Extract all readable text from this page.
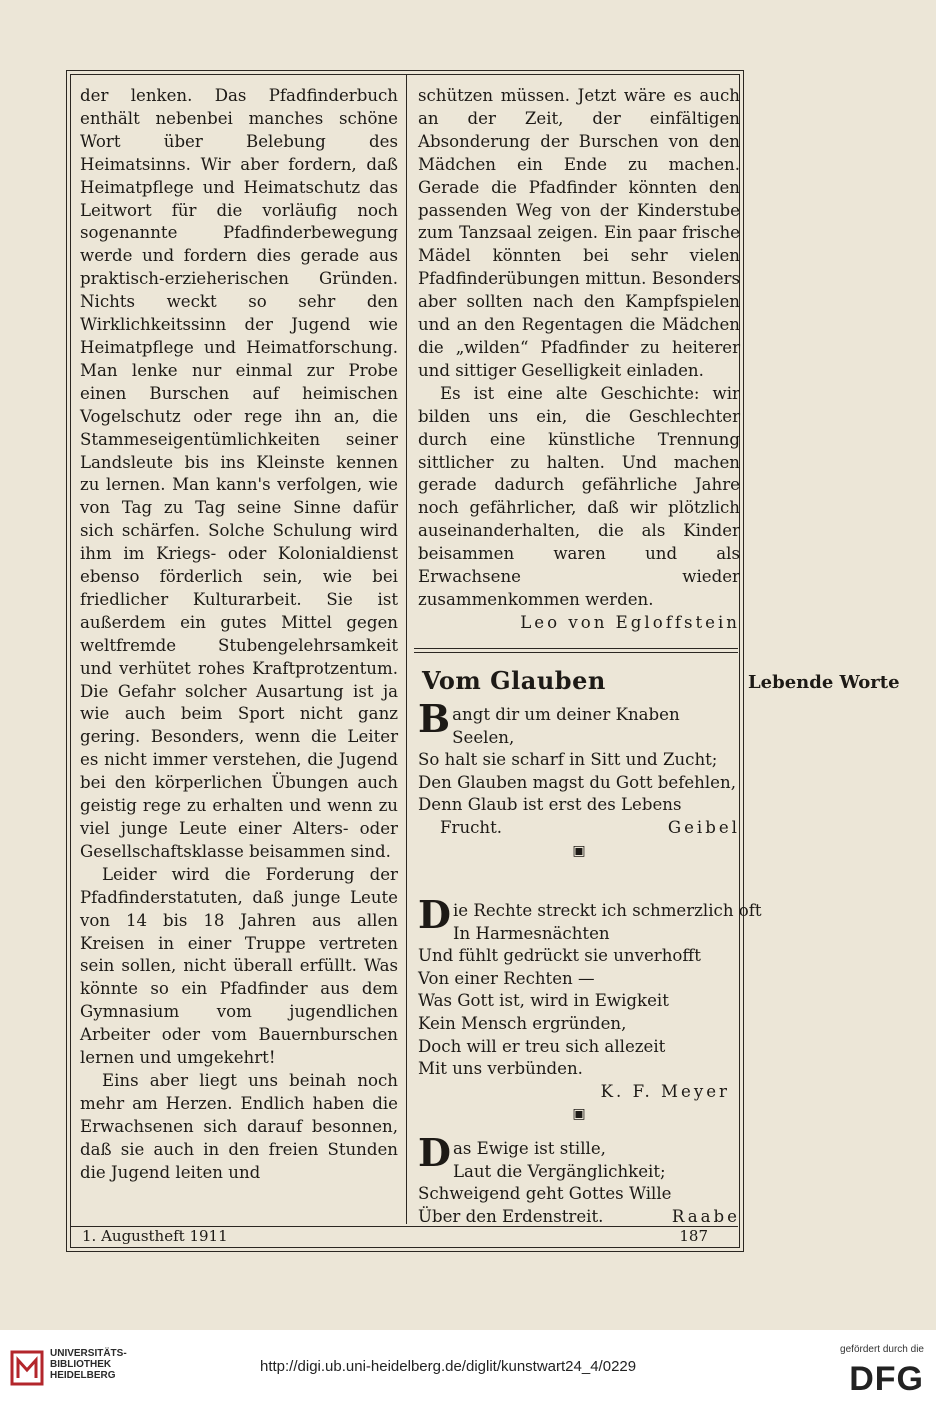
der lenken. Das Pfadfinderbuch enthält nebenbei manches schöne Wort über Belebung des Heimatsinns. Wir aber fordern, daß Heimatpflege und Heimatschutz das Leitwort für die vorläufig noch sogenannte Pfadfinderbewegung werde und fordern dies gerade aus praktisch-erzieherischen Gründen. Nichts weckt so sehr den Wirklichkeitssinn der Jugend wie Heimatpflege und Heimatforschung. Man lenke nur einmal zur Probe einen Burschen auf heimischen Vogelschutz oder rege ihn an, die Stammeseigentümlichkeiten seiner Landsleute bis ins Kleinste kennen zu lernen. Man kann's verfolgen, wie von Tag zu Tag seine Sinne dafür sich schärfen. Solche Schulung wird ihm im Kriegs- oder Kolonialdienst ebenso förderlich sein, wie bei friedlicher Kulturarbeit. Sie ist außerdem ein gutes Mittel gegen weltfremde Stubengelehrsamkeit und verhütet rohes Kraftprotzentum. Die Gefahr solcher Ausartung ist ja wie auch beim Sport nicht ganz gering. Besonders, wenn die Leiter es nicht immer verstehen, die Jugend bei den körperlichen Übungen auch geistig rege zu erhalten und wenn zu viel junge Leute einer Alters- oder Gesellschaftsklasse beisammen sind.

Leider wird die Forderung der Pfadfinderstatuten, daß junge Leute von 14 bis 18 Jahren aus allen Kreisen in einer Truppe vertreten sein sollen, nicht überall erfüllt. Was könnte so ein Pfadfinder aus dem Gymnasium vom jugendlichen Arbeiter oder vom Bauernburschen lernen und umgekehrt!

Eins aber liegt uns beinah noch mehr am Herzen. Endlich haben die Erwachsenen sich darauf besonnen, daß sie auch in den freien Stunden die Jugend leiten und

schützen müssen. Jetzt wäre es auch an der Zeit, der einfältigen Absonderung der Burschen von den Mädchen ein Ende zu machen. Gerade die Pfadfinder könnten den passenden Weg von der Kinderstube zum Tanzsaal zeigen. Ein paar frische Mädel könnten bei sehr vielen Pfadfinderübungen mittun. Besonders aber sollten nach den Kampfspielen und an den Regentagen die Mädchen die „wilden“ Pfadfinder zu heiterer und sittiger Geselligkeit einladen.

Es ist eine alte Geschichte: wir bilden uns ein, die Geschlechter durch eine künstliche Trennung sittlicher zu halten. Und machen gerade dadurch gefährliche Jahre noch gefährlicher, daß wir plötzlich auseinanderhalten, die als Kinder beisammen waren und als Erwachsene wieder zusammenkommen werden.

Leo von Egloffstein

Vom Glauben	Lebende Worte
B angt dir um deiner Knaben
Seelen,
So halt sie scharf in Sitt und Zucht;
Den Glauben magst du Gott befehlen,
Denn Glaub ist erst des Lebens
Frucht.	Geibel
▣
D ie Rechte streckt ich schmerzlich oft
In Harmesnächten
Und fühlt gedrückt sie unverhofft
Von einer Rechten —
Was Gott ist, wird in Ewigkeit
Kein Mensch ergründen,
Doch will er treu sich allezeit
Mit uns verbünden.
K. F. Meyer
▣
D as Ewige ist stille,
Laut die Vergänglichkeit;
Schweigend geht Gottes Wille
Über den Erdenstreit.	Raabe
1. Augustheft 1911	187
UNIVERSITÄTS-
BIBLIOTHEK
HEIDELBERG
http://digi.ub.uni-heidelberg.de/diglit/kunstwart24_4/0229
gefördert durch die
DFG
